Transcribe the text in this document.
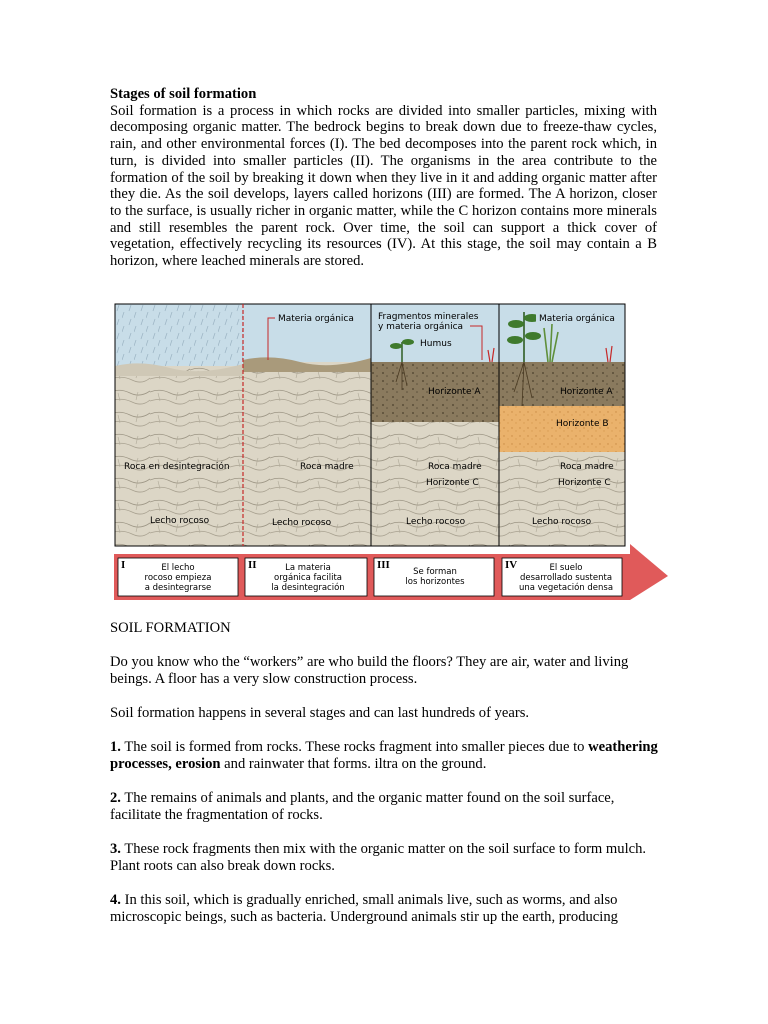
Stages of soil formation

Soil formation is a process in which rocks are divided into smaller particles, mixing with decomposing organic matter. The bedrock begins to break down due to freeze-thaw cycles, rain, and other environmental forces (I). The bed decomposes into the parent rock which, in turn, is divided into smaller particles (II). The organisms in the area contribute to the formation of the soil by breaking it down when they live in it and adding organic matter after they die. As the soil develops, layers called horizons (III) are formed. The A horizon, closer to the surface, is usually richer in organic matter, while the C horizon contains more minerals and still resembles the parent rock. Over time, the soil can support a thick cover of vegetation, effectively recycling its resources (IV). At this stage, the soil may contain a B horizon, where leached minerals are stored.

Roca en desintegración
Lecho rocoso
Materia orgánica
Roca madre
Lecho rocoso
Fragmentos minerales
y materia orgánica
Humus
Horizonte A
Roca madre
Horizonte C
Lecho rocoso
Materia orgánica
Horizonte A
Horizonte B
Roca madre
Horizonte C
Lecho rocoso
I	El lecho
rocoso empieza
a desintegrarse
II	La materia
orgánica facilita
la desintegración
III
Se forman
los horizontes
IV	El suelo
desarrollado sustenta
una vegetación densa

SOIL FORMATION

Do you know who the “workers” are who build the floors? They are air, water and living beings. A floor has a very slow construction process.

Soil formation happens in several stages and can last hundreds of years.

1. The soil is formed from rocks. These rocks fragment into smaller pieces due to weathering processes, erosion and rainwater that forms. iltra on the ground.

2. The remains of animals and plants, and the organic matter found on the soil surface, facilitate the fragmentation of rocks.

3. These rock fragments then mix with the organic matter on the soil surface to form mulch. Plant roots can also break down rocks.

4. In this soil, which is gradually enriched, small animals live, such as worms, and also microscopic beings, such as bacteria. Underground animals stir up the earth, producing
